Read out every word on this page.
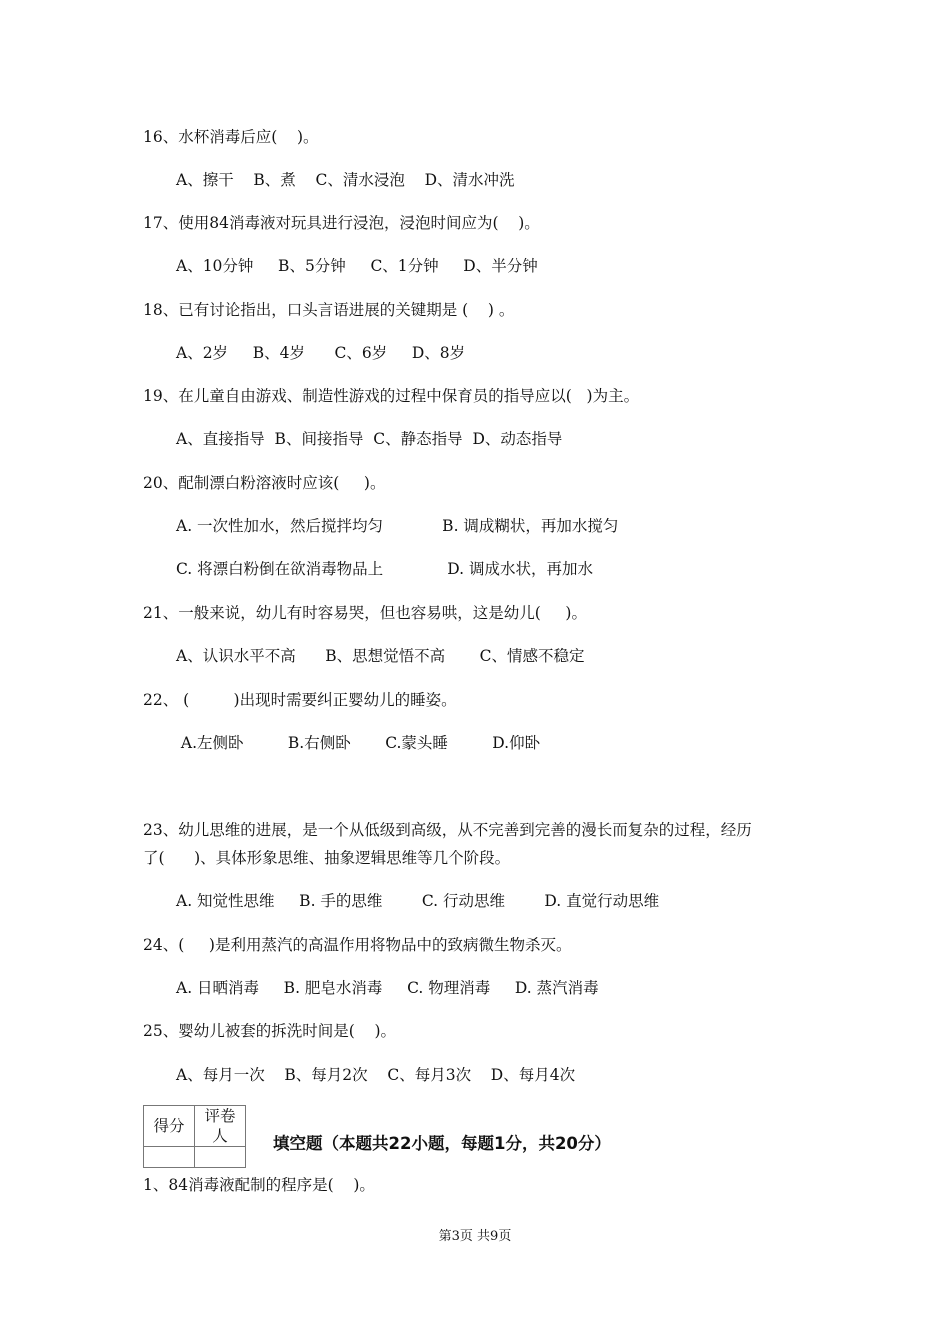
16、水杯消毒后应(    )。
A、擦干    B、煮    C、清水浸泡    D、清水冲洗
17、使用84消毒液对玩具进行浸泡，浸泡时间应为(    )。
A、10分钟     B、5分钟     C、1分钟     D、半分钟
18、已有讨论指出，口头言语进展的关键期是 (    ) 。
A、2岁     B、4岁      C、6岁     D、8岁
19、在儿童自由游戏、制造性游戏的过程中保育员的指导应以(   )为主。
A、直接指导  B、间接指导  C、静态指导  D、动态指导
20、配制漂白粉溶液时应该(     )。
A. 一次性加水，然后搅拌均匀            B. 调成糊状，再加水搅匀
C. 将漂白粉倒在欲消毒物品上             D. 调成水状，再加水
21、一般来说，幼儿有时容易哭，但也容易哄，这是幼儿(     )。
A、认识水平不高      B、思想觉悟不高       C、情感不稳定
22、 (         )出现时需要纠正婴幼儿的睡姿。
A.左侧卧         B.右侧卧       C.蒙头睡         D.仰卧
23、幼儿思维的进展，是一个从低级到高级，从不完善到完善的漫长而复杂的过程，经历
了(      )、具体形象思维、抽象逻辑思维等几个阶段。
A. 知觉性思维     B. 手的思维        C. 行动思维        D. 直觉行动思维
24、(     )是利用蒸汽的高温作用将物品中的致病微生物杀灭。
A. 日晒消毒     B. 肥皂水消毒     C. 物理消毒     D. 蒸汽消毒
25、婴幼儿被套的拆洗时间是(    )。
A、每月一次    B、每月2次    C、每月3次    D、每月4次
得分	评卷人
		填空题（本题共22小题，每题1分，共20分）
1、84消毒液配制的程序是(    )。
第3页 共9页
